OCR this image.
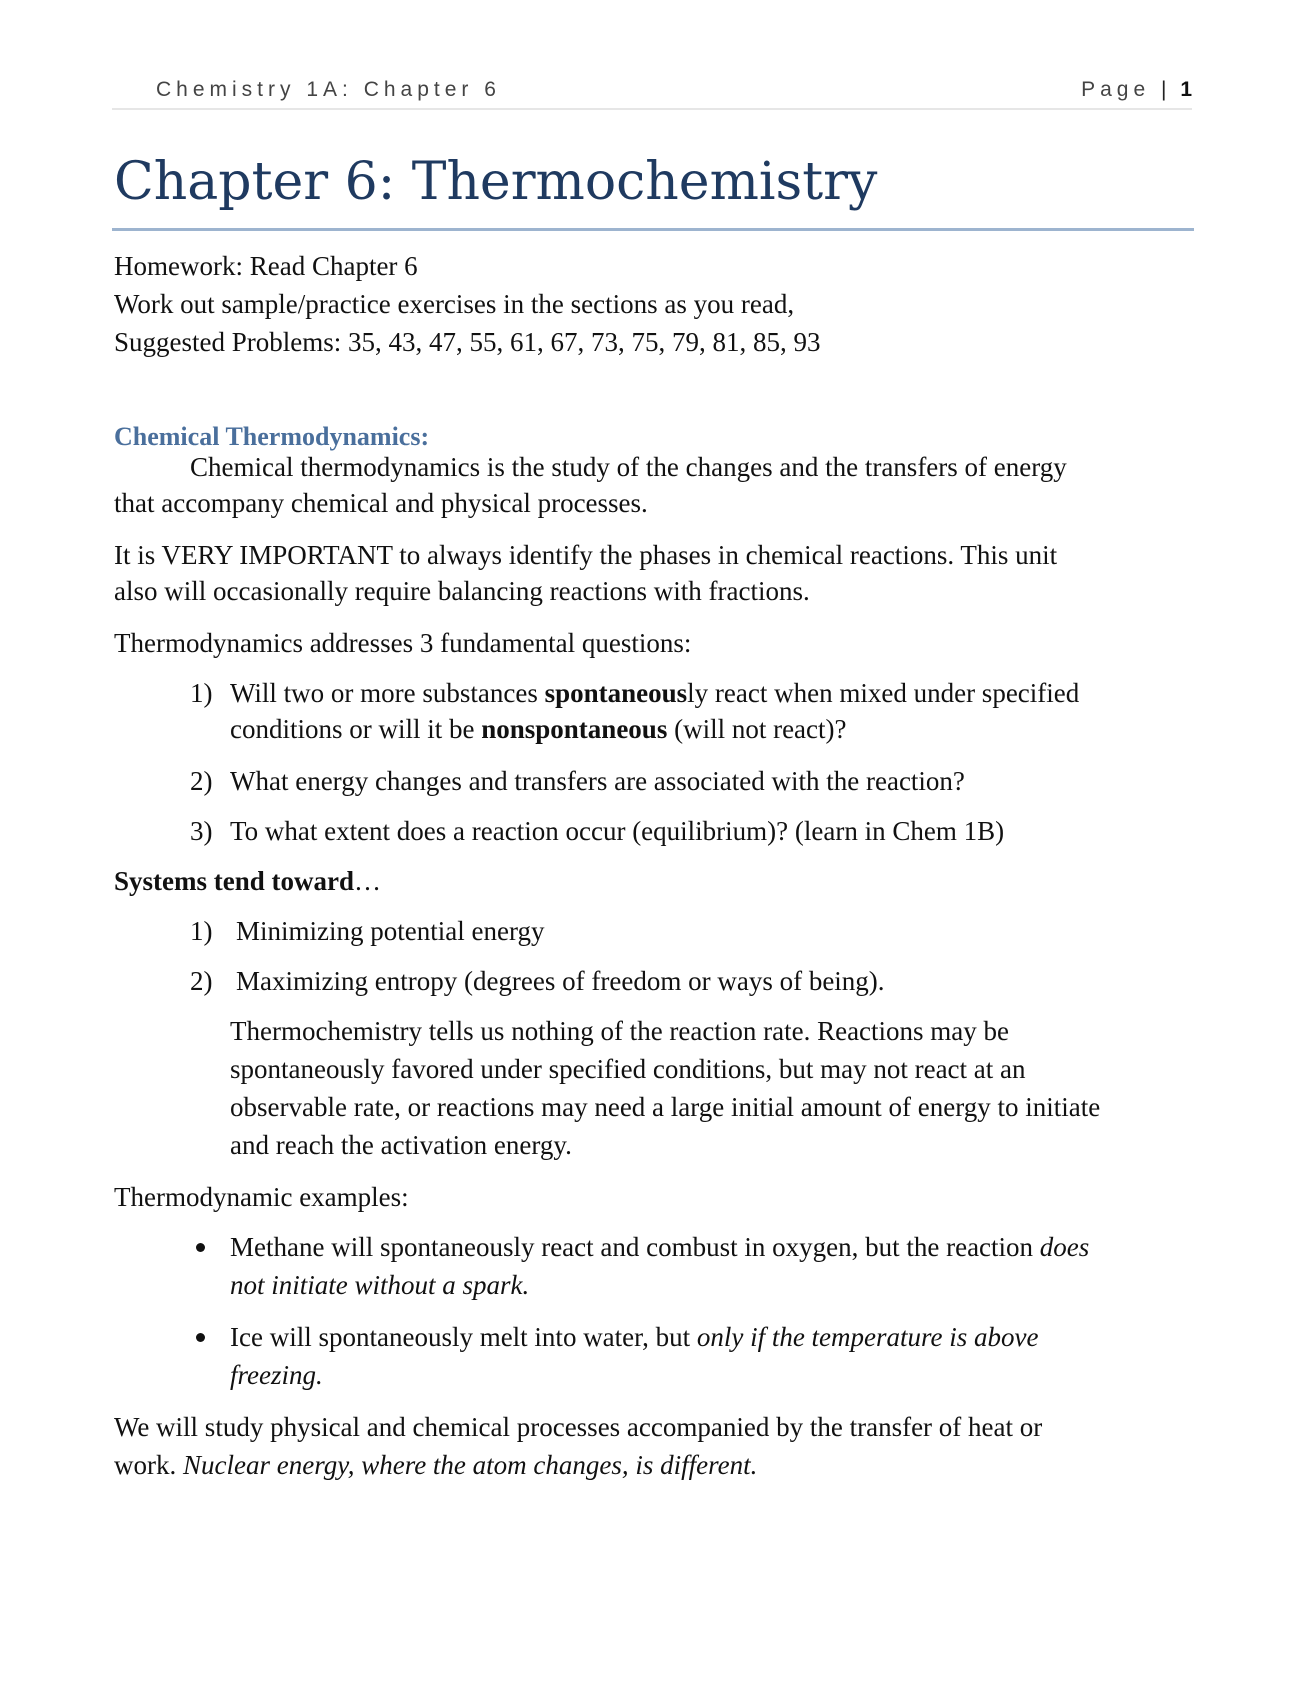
Chemistry 1A: Chapter 6	Page | 1
Chapter 6: Thermochemistry

Homework: Read Chapter 6

Work out sample/practice exercises in the sections as you read,

Suggested Problems: 35, 43, 47, 55, 61, 67, 73, 75, 79, 81, 85, 93

Chemical Thermodynamics:

Chemical thermodynamics is the study of the changes and the transfers of energy

that accompany chemical and physical processes.

It is VERY IMPORTANT to always identify the phases in chemical reactions. This unit

also will occasionally require balancing reactions with fractions.

Thermodynamics addresses 3 fundamental questions:

1) Will two or more substances spontaneously react when mixed under specified
conditions or will it be nonspontaneous (will not react)?
2) What energy changes and transfers are associated with the reaction?
3) To what extent does a reaction occur (equilibrium)? (learn in Chem 1B)

Systems tend toward…

1) Minimizing potential energy
2) Maximizing entropy (degrees of freedom or ways of being).

Thermochemistry tells us nothing of the reaction rate. Reactions may be

spontaneously favored under specified conditions, but may not react at an

observable rate, or reactions may need a large initial amount of energy to initiate

and reach the activation energy.

Thermodynamic examples:

Methane will spontaneously react and combust in oxygen, but the reaction does

not initiate without a spark.

Ice will spontaneously melt into water, but only if the temperature is above

freezing.

We will study physical and chemical processes accompanied by the transfer of heat or

work. Nuclear energy, where the atom changes, is different.
